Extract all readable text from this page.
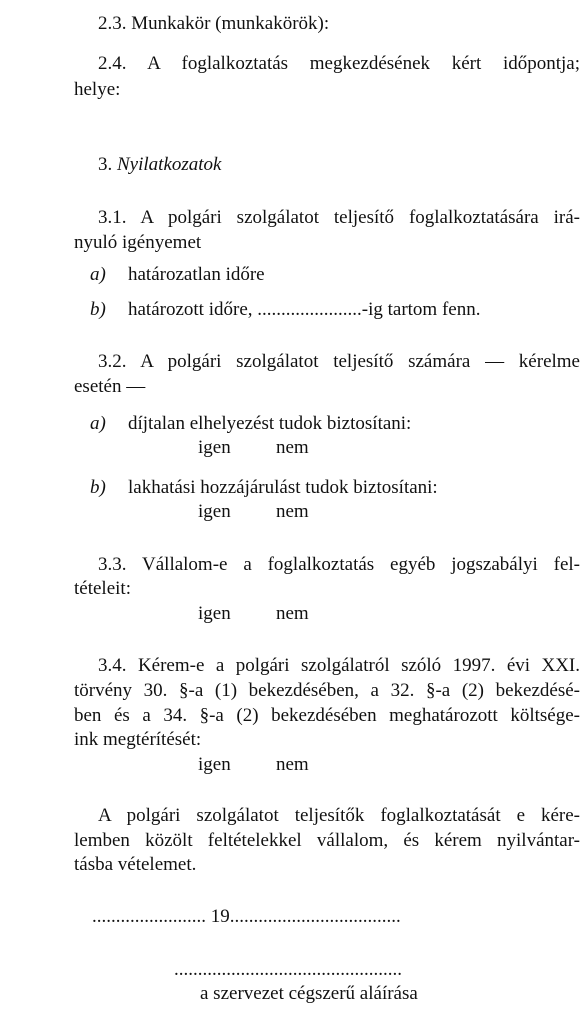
2.3. Munkakör (munkakörök):
2.4. A foglalkoztatás megkezdésének kért időpontja;
helye:
3. Nyilatkozatok
3.1. A polgári szolgálatot teljesítő foglalkoztatására irá-
nyuló igényemet
a) határozatlan időre
b) határozott időre, ......................-ig tartom fenn.
3.2. A polgári szolgálatot teljesítő számára — kérelme
esetén —
a) díjtalan elhelyezést tudok biztosítani:
igen nem
b) lakhatási hozzájárulást tudok biztosítani:
igen nem
3.3. Vállalom-e a foglalkoztatás egyéb jogszabályi fel-
tételeit:
igen nem
3.4. Kérem-e a polgári szolgálatról szóló 1997. évi XXI.
törvény 30. §-a (1) bekezdésében, a 32. §-a (2) bekezdésé-
ben és a 34. §-a (2) bekezdésében meghatározott költsége-
ink megtérítését:
igen nem
A polgári szolgálatot teljesítők foglalkoztatását e kére-
lemben közölt feltételekkel vállalom, és kérem nyilvántar-
tásba vételemet.
........................ 19....................................
................................................
a szervezet cégszerű aláírása
